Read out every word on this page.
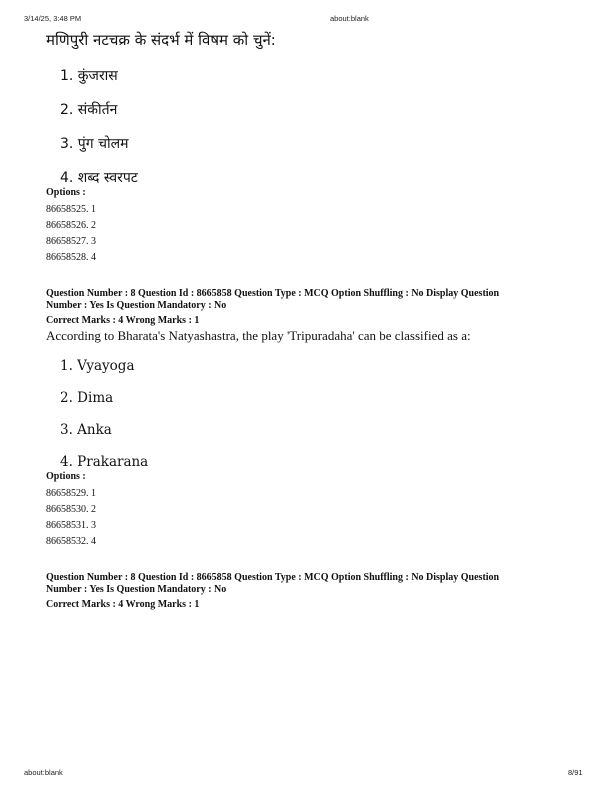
3/14/25, 3:48 PM	about:blank
मणिपुरी नटचक्र के संदर्भ में विषम को चुनें:
1. कुंजरास
2. संकीर्तन
3. पुंग चोलम
4. शब्द स्वरपट
Options :
86658525. 1
86658526. 2
86658527. 3
86658528. 4
Question Number : 8 Question Id : 8665858 Question Type : MCQ Option Shuffling : No Display Question
Number : Yes Is Question Mandatory : No
Correct Marks : 4 Wrong Marks : 1
According to Bharata's Natyashastra, the play 'Tripuradaha' can be classified as a:
1. Vyayoga
2. Dima
3. Anka
4. Prakarana
Options :
86658529. 1
86658530. 2
86658531. 3
86658532. 4
Question Number : 8 Question Id : 8665858 Question Type : MCQ Option Shuffling : No Display Question
Number : Yes Is Question Mandatory : No
Correct Marks : 4 Wrong Marks : 1
about:blank	8/91
